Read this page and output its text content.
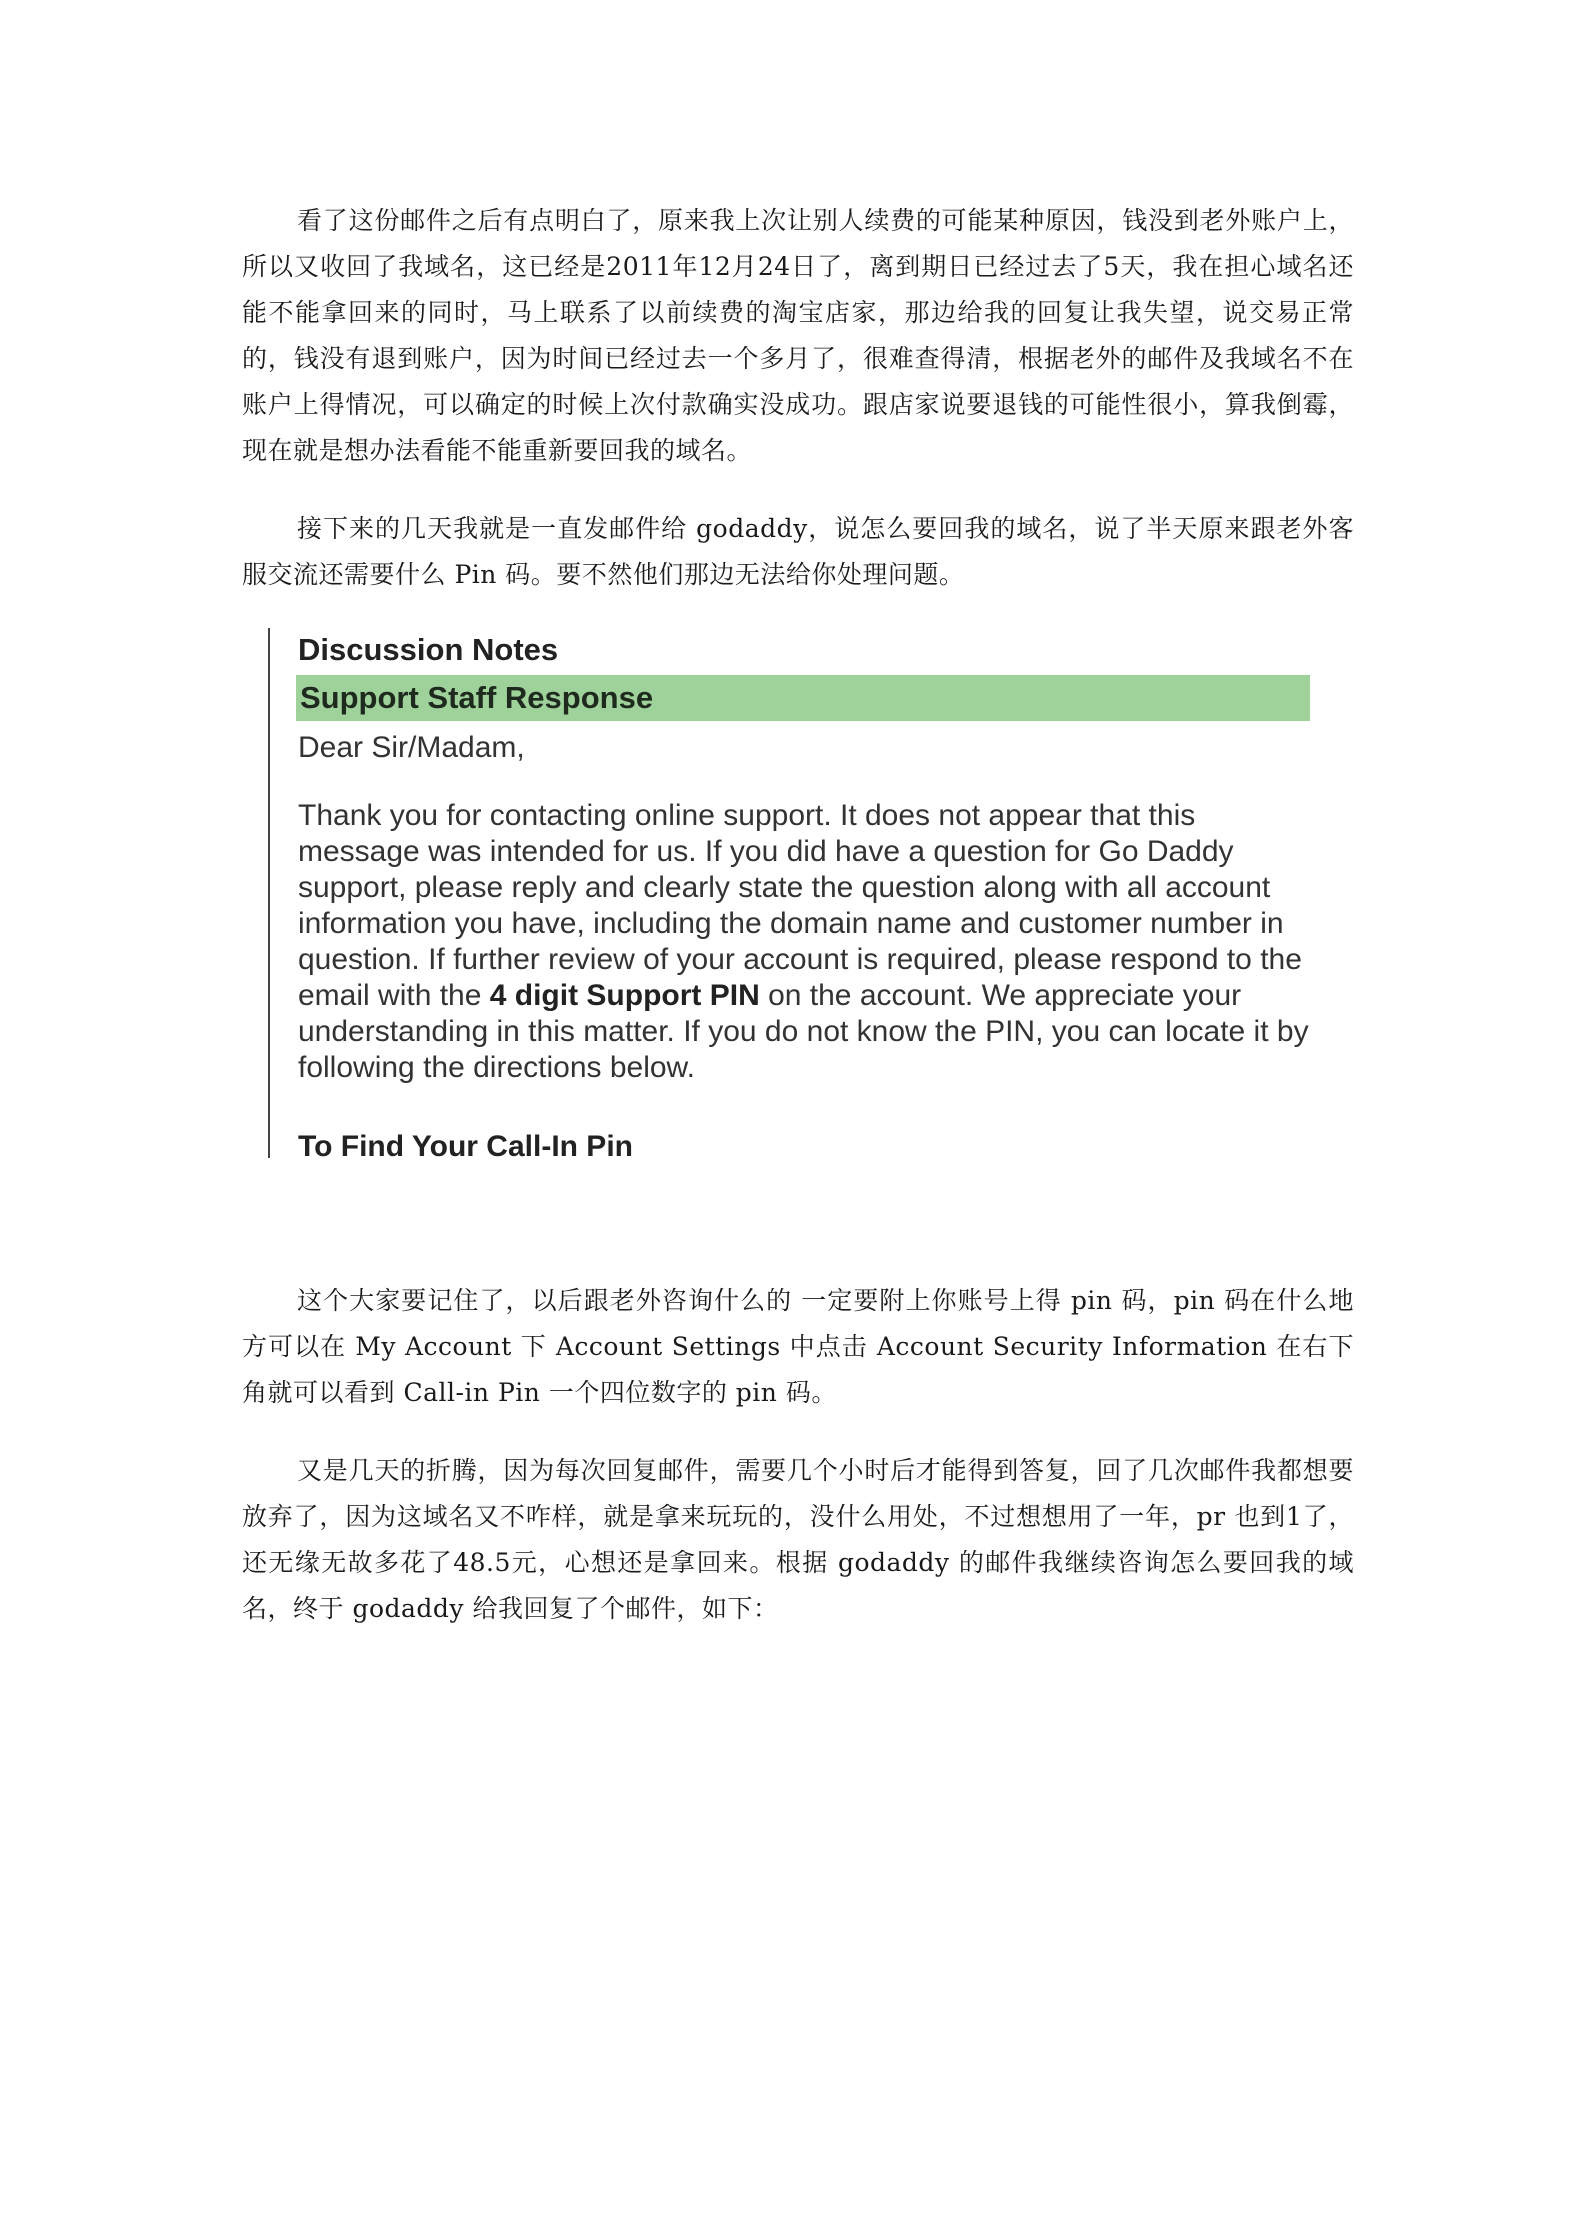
看了这份邮件之后有点明白了，原来我上次让别人续费的可能某种原因，钱没到老外账户上，所以又收回了我域名，这已经是2011年12月24日了，离到期日已经过去了5天，我在担心域名还能不能拿回来的同时，马上联系了以前续费的淘宝店家，那边给我的回复让我失望，说交易正常的，钱没有退到账户，因为时间已经过去一个多月了，很难查得清，根据老外的邮件及我域名不在账户上得情况，可以确定的时候上次付款确实没成功。跟店家说要退钱的可能性很小，算我倒霉，现在就是想办法看能不能重新要回我的域名。

接下来的几天我就是一直发邮件给 godaddy，说怎么要回我的域名，说了半天原来跟老外客服交流还需要什么 Pin 码。要不然他们那边无法给你处理问题。

Discussion Notes
Support Staff Response
Dear Sir/Madam,

Thank you for contacting online support. It does not appear that this message was intended for us. If you did have a question for Go Daddy support, please reply and clearly state the question along with all account information you have, including the domain name and customer number in question. If further review of your account is required, please respond to the email with the 4 digit Support PIN on the account. We appreciate your understanding in this matter. If you do not know the PIN, you can locate it by following the directions below.

To Find Your Call-In Pin

这个大家要记住了，以后跟老外咨询什么的 一定要附上你账号上得 pin 码，pin 码在什么地方可以在 My Account 下 Account Settings 中点击 Account Security Information 在右下角就可以看到 Call-in Pin 一个四位数字的 pin 码。

又是几天的折腾，因为每次回复邮件，需要几个小时后才能得到答复，回了几次邮件我都想要放弃了，因为这域名又不咋样，就是拿来玩玩的，没什么用处，不过想想用了一年，pr 也到1了，还无缘无故多花了48.5元，心想还是拿回来。根据 godaddy 的邮件我继续咨询怎么要回我的域名，终于 godaddy 给我回复了个邮件，如下：
